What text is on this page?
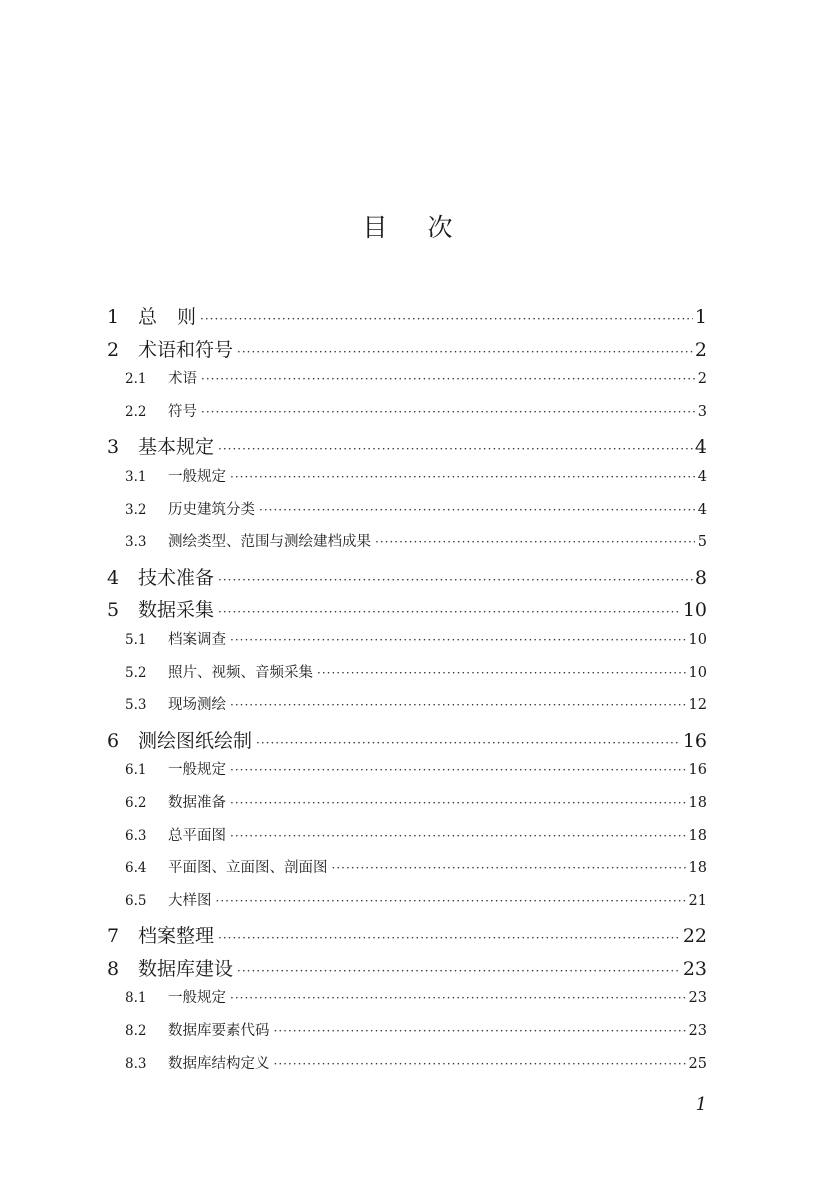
目 次
1 总 则 ·····	1
2 术语和符号 ·····	2
2.1	术语 ·····	2
2.2	符号 ·····	3
3 基本规定 ·····	4
3.1	一般规定 ·····	4
3.2	历史建筑分类 ·····	4
3.3	测绘类型、范围与测绘建档成果 ·····	5
4 技术准备 ·····	8
5 数据采集 ·····	10
5.1	档案调查 ·····	10
5.2	照片、视频、音频采集 ·····	10
5.3	现场测绘 ·····	12
6 测绘图纸绘制 ·····	16
6.1	一般规定 ·····	16
6.2	数据准备 ·····	18
6.3	总平面图 ·····	18
6.4	平面图、立面图、剖面图 ·····	18
6.5	大样图 ·····	21
7 档案整理 ·····	22
8 数据库建设 ·····	23
8.1	一般规定 ·····	23
8.2	数据库要素代码 ·····	23
8.3	数据库结构定义 ·····	25
1
